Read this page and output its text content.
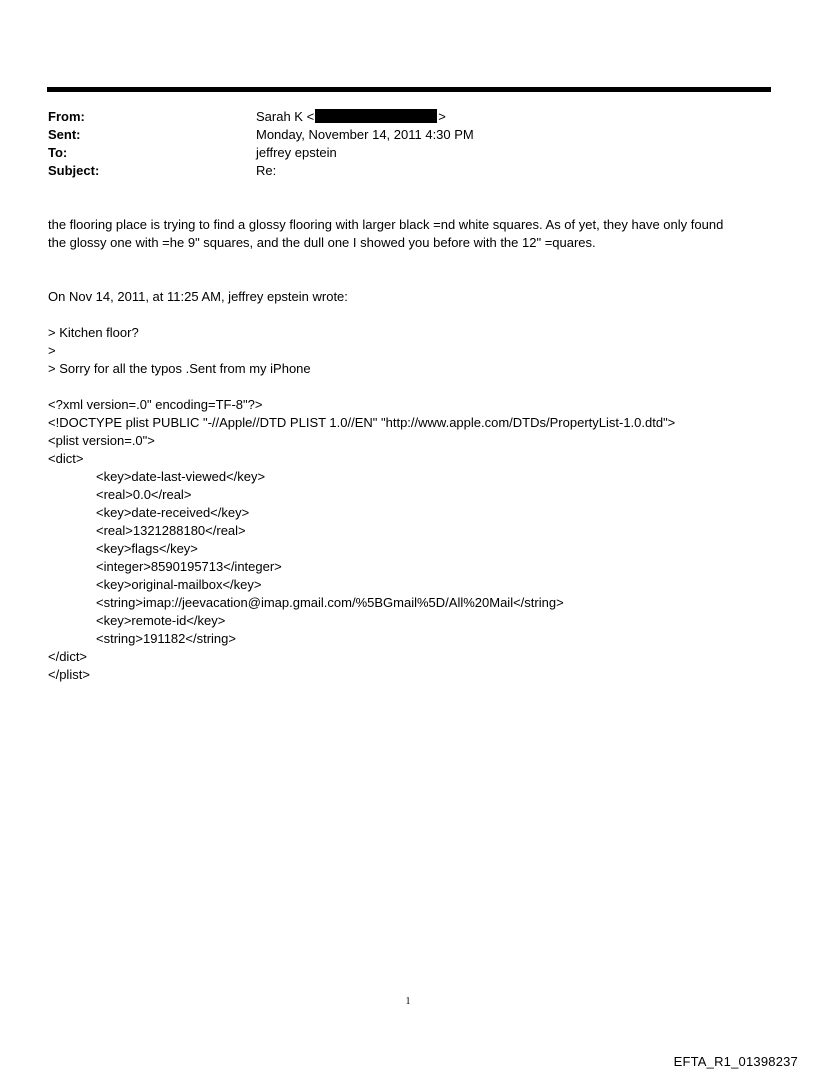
From:	Sarah K <	>
Sent:	Monday, November 14, 2011 4:30 PM
To:	jeffrey epstein
Subject:	Re:
the flooring place is trying to find a glossy flooring with larger black =nd white squares. As of yet, they have only found
the glossy one with =he 9" squares, and the dull one I showed you before with the 12" =quares.
On Nov 14, 2011, at 11:25 AM, jeffrey epstein wrote:
> Kitchen floor?
>
> Sorry for all the typos .Sent from my iPhone
<?xml version=.0" encoding=TF-8"?>
<!DOCTYPE plist PUBLIC "-//Apple//DTD PLIST 1.0//EN" "http://www.apple.com/DTDs/PropertyList-1.0.dtd">
<plist version=.0">
<dict>
<key>date-last-viewed</key>
<real>0.0</real>
<key>date-received</key>
<real>1321288180</real>
<key>flags</key>
<integer>8590195713</integer>
<key>original-mailbox</key>
<string>imap://jeevacation@imap.gmail.com/%5BGmail%5D/All%20Mail</string>
<key>remote-id</key>
<string>191182</string>
</dict>
</plist>
1
EFTA_R1_01398237
